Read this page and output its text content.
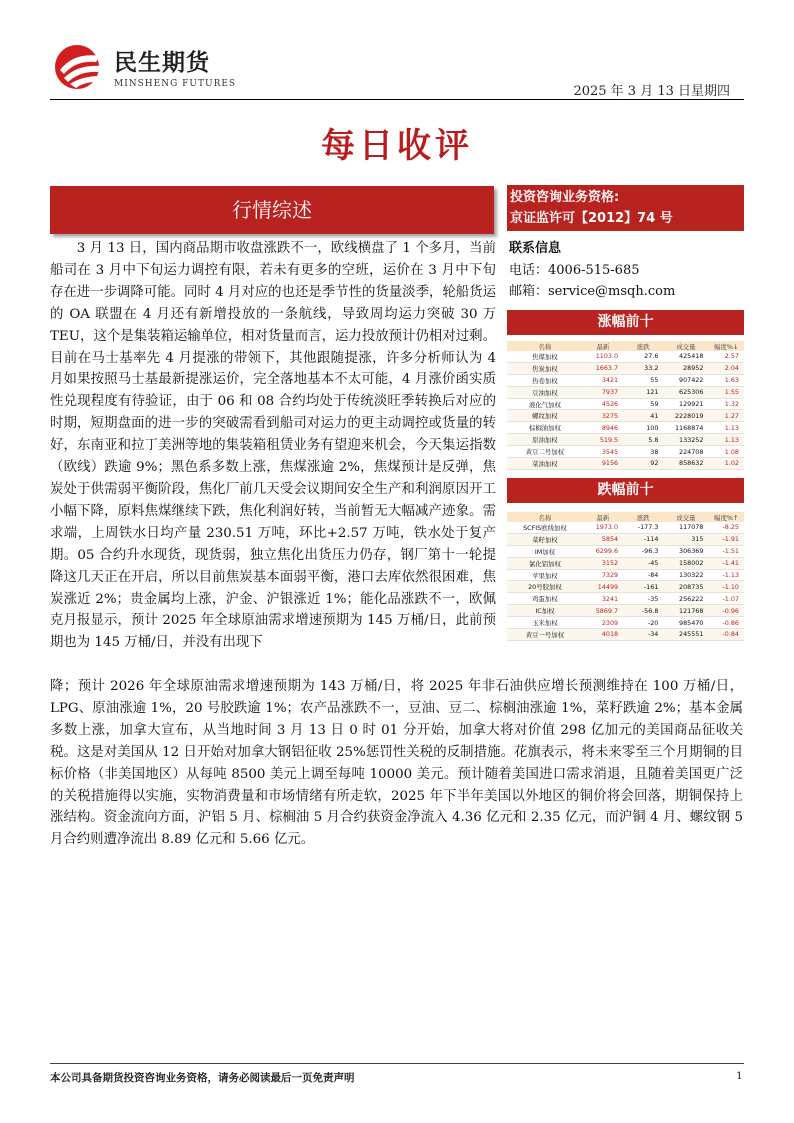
民生期货
MINSHENG FUTURES	2025 年 3 月 13 日星期四
每日收评
行情综述
3 月 13 日，国内商品期市收盘涨跌不一，欧线横盘了 1 个多月，当前船司在 3 月中下旬运力调控有限，若未有更多的空班，运价在 3 月中下旬存在进一步调降可能。同时 4 月对应的也还是季节性的货量淡季，轮船货运的 OA 联盟在 4 月还有新增投放的一条航线，导致周均运力突破 30 万 TEU，这个是集装箱运输单位，相对货量而言，运力投放预计仍相对过剩。目前在马士基率先 4 月提涨的带领下，其他跟随提涨，许多分析师认为 4 月如果按照马士基最新提涨运价，完全落地基本不太可能，4 月涨价函实质性兑现程度有待验证，由于 06 和 08 合约均处于传统淡旺季转换后对应的时期，短期盘面的进一步的突破需看到船司对运力的更主动调控或货量的转好，东南亚和拉丁美洲等地的集装箱租赁业务有望迎来机会，今天集运指数（欧线）跌逾 9%；黑色系多数上涨，焦煤涨逾 2%，焦煤预计是反弹，焦炭处于供需弱平衡阶段，焦化厂前几天受会议期间安全生产和利润原因开工小幅下降，原料焦煤继续下跌，焦化利润好转，当前暂无大幅减产迹象。需求端，上周铁水日均产量 230.51 万吨，环比+2.57 万吨，铁水处于复产期。05 合约升水现货，现货弱，独立焦化出货压力仍存，钢厂第十一轮提降这几天正在开启，所以目前焦炭基本面弱平衡，港口去库依然很困难，焦炭涨近 2%；贵金属均上涨，沪金、沪银涨近 1%；能化品涨跌不一，欧佩克月报显示，预计 2025 年全球原油需求增速预期为 145 万桶/日，此前预期也为 145 万桶/日，并没有出现下
降；预计 2026 年全球原油需求增速预期为 143 万桶/日，将 2025 年非石油供应增长预测维持在 100 万桶/日，LPG、原油涨逾 1%，20 号胶跌逾 1%；农产品涨跌不一，豆油、豆二、棕榈油涨逾 1%，菜籽跌逾 2%；基本金属多数上涨，加拿大宣布，从当地时间 3 月 13 日 0 时 01 分开始，加拿大将对价值 298 亿加元的美国商品征收关税。这是对美国从 12 日开始对加拿大钢铝征收 25%惩罚性关税的反制措施。花旗表示，将未来零至三个月期铜的目标价格（非美国地区）从每吨 8500 美元上调至每吨 10000 美元。预计随着美国进口需求消退，且随着美国更广泛的关税措施得以实施，实物消费量和市场情绪有所走软，2025 年下半年美国以外地区的铜价将会回落，期铜保持上涨结构。资金流向方面，沪铝 5 月、棕榈油 5 月合约获资金净流入 4.36 亿元和 2.35 亿元，而沪铜 4 月、螺纹钢 5 月合约则遭净流出 8.89 亿元和 5.66 亿元。
投资咨询业务资格:
京证监许可【2012】74 号
联系信息
电话：4006-515-685
邮箱：service@msqh.com
涨幅前十
名称	最新	涨跌	成交量	幅度%↓
焦煤加权	1103.0	27.6	425418	2.57
焦炭加权	1663.7	33.2	28952	2.04
热卷加权	3421	55	907422	1.63
豆油加权	7937	121	625306	1.55
液化气加权	4526	59	129921	1.32
螺纹加权	3275	41	2228019	1.27
棕榈油加权	8946	100	1168874	1.13
原油加权	519.5	5.8	133252	1.13
黄豆二号加权	3545	38	224708	1.08
菜油加权	9156	92	858632	1.02
跌幅前十
名称	最新	涨跌	成交量	幅度%↑
SCFIS欧线加权	1973.0	-177.3	117078	-8.25
菜籽加权	5854	-114	315	-1.91
IM加权	6299.6	-96.3	306369	-1.51
氯化铝加权	3152	-45	158002	-1.41
苹果加权	7329	-84	130322	-1.13
20号胶加权	14499	-161	208735	-1.10
鸡蛋加权	3241	-35	256222	-1.07
IC加权	5869.7	-56.8	121768	-0.96
玉米加权	2309	-20	985470	-0.86
黄豆一号加权	4018	-34	245551	-0.84
本公司具备期货投资咨询业务资格，请务必阅读最后一页免责声明	1
